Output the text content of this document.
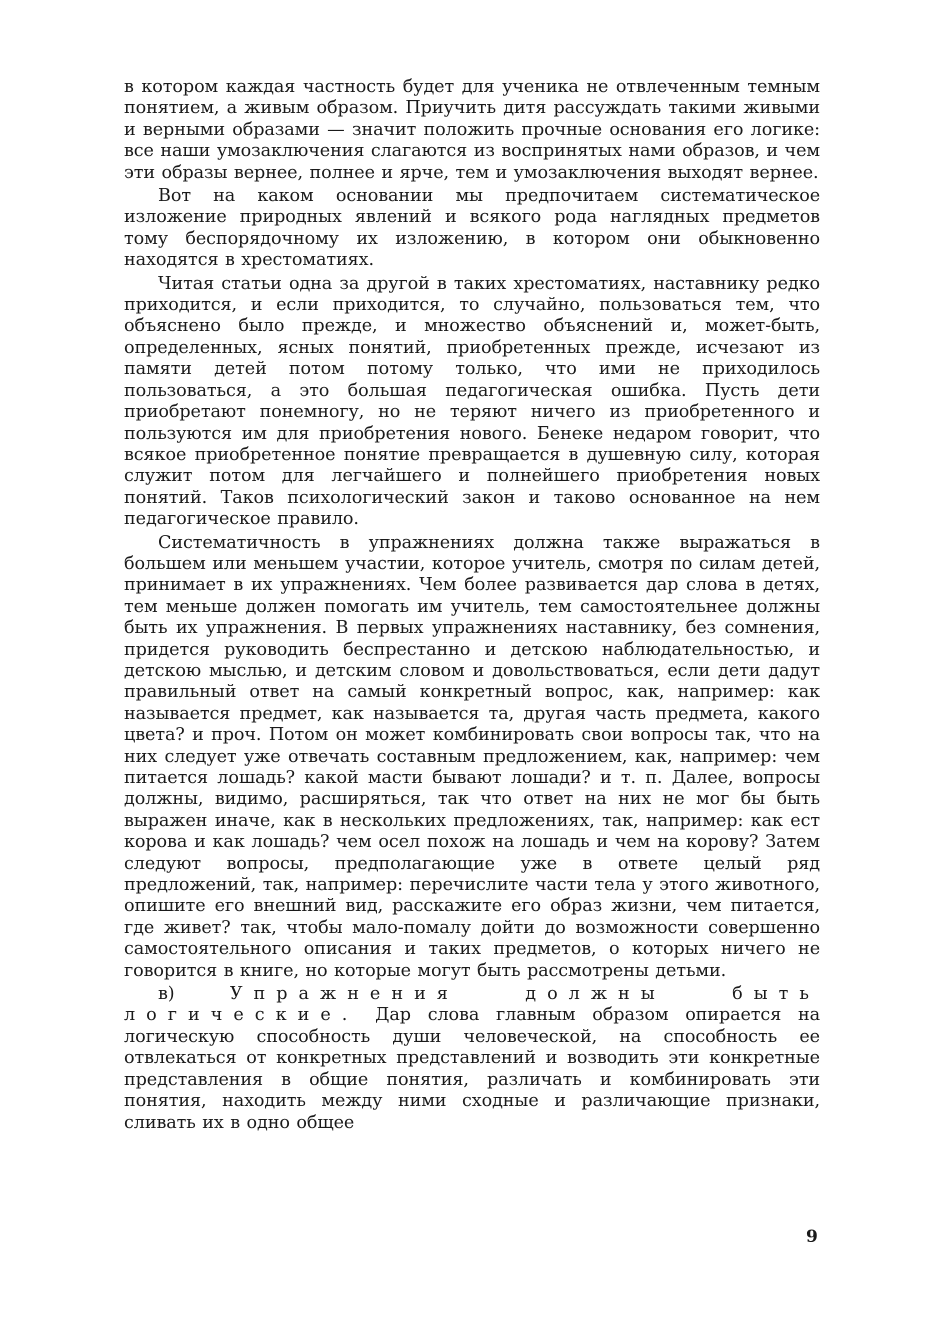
в котором каждая частность будет для ученика не отвлеченным темным понятием, а живым образом. Приучить дитя рассуждать такими живыми и верными образами — значит положить прочные основания его логике: все наши умозаключения слагаются из воспринятых нами образов, и чем эти образы вернее, полнее и ярче, тем и умозаключения выходят вернее.

Вот на каком основании мы предпочитаем систематическое изложение природных явлений и всякого рода наглядных предметов тому беспорядочному их изложению, в котором они обыкновенно находятся в хрестоматиях.

Читая статьи одна за другой в таких хрестоматиях, наставнику редко приходится, и если приходится, то случайно, пользоваться тем, что объяснено было прежде, и множество объяснений и, может-быть, определенных, ясных понятий, приобретенных прежде, исчезают из памяти детей потом потому только, что ими не приходилось пользоваться, а это большая педагогическая ошибка. Пусть дети приобретают понемногу, но не теряют ничего из приобретенного и пользуются им для приобретения нового. Бенеке недаром говорит, что всякое приобретенное понятие превращается в душевную силу, которая служит потом для легчайшего и полнейшего приобретения новых понятий. Таков психологический закон и таково основанное на нем педагогическое правило.

Систематичность в упражнениях должна также выражаться в большем или меньшем участии, которое учитель, смотря по силам детей, принимает в их упражнениях. Чем более развивается дар слова в детях, тем меньше должен помогать им учитель, тем самостоятельнее должны быть их упражнения. В первых упражнениях наставнику, без сомнения, придется руководить беспрестанно и детскою наблюдательностью, и детскою мыслью, и детским словом и довольствоваться, если дети дадут правильный ответ на самый конкретный вопрос, как, например: как называется предмет, как называется та, другая часть предмета, какого цвета? и проч. Потом он может комбинировать свои вопросы так, что на них следует уже отвечать составным предложением, как, например: чем питается лошадь? какой масти бывают лошади? и т. п. Далее, вопросы должны, видимо, расширяться, так что ответ на них не мог бы быть выражен иначе, как в нескольких предложениях, так, например: как ест корова и как лошадь? чем осел похож на лошадь и чем на корову? Затем следуют вопросы, предполагающие уже в ответе целый ряд предложений, так, например: перечислите части тела у этого животного, опишите его внешний вид, расскажите его образ жизни, чем питается, где живет? так, чтобы мало-помалу дойти до возможности совершенно самостоятельного описания и таких предметов, о которых ничего не говорится в книге, но которые могут быть рассмотрены детьми.

в)	Упражнения должны быть логические. Дар слова главным образом опирается на логическую способность души человеческой, на способность ее отвлекаться от конкретных представлений и возводить эти конкретные представления в общие понятия, различать и комбинировать эти понятия, находить между ними сходные и различающие признаки, сливать их в одно общее

9
